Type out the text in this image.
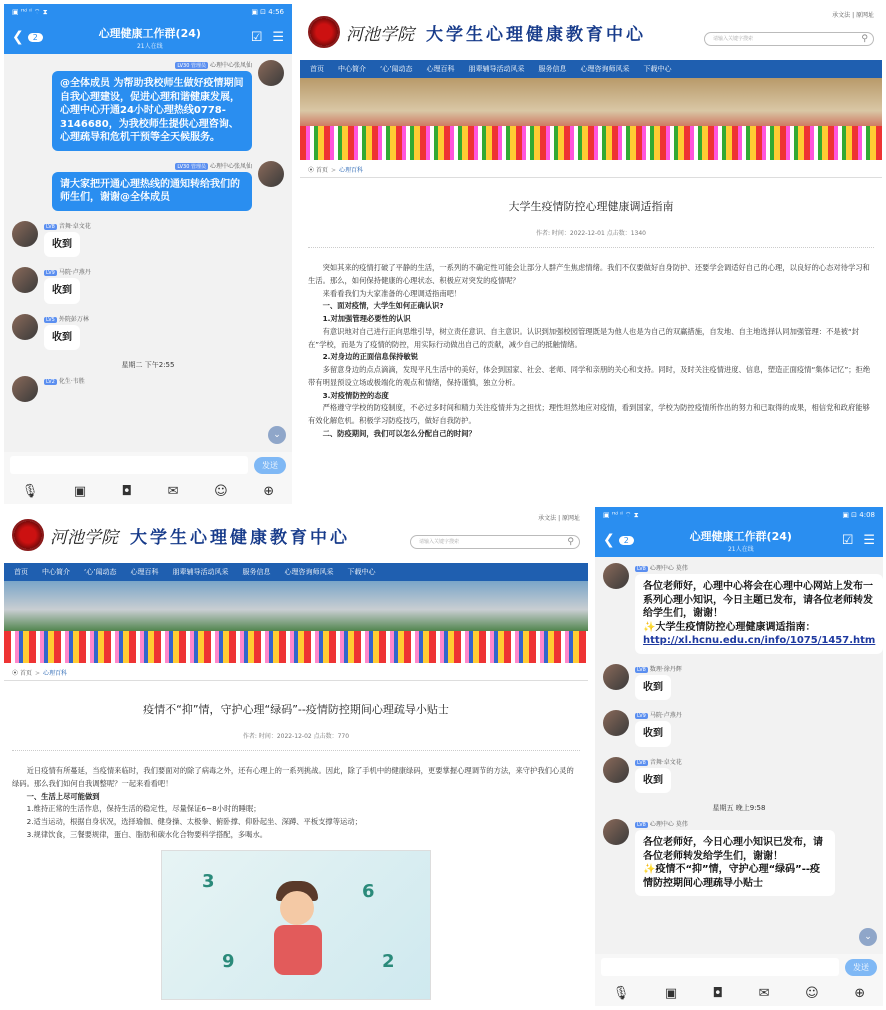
▣ ᴴᵈ ᴵˡ ⌔ ⧗	▣ ⊡ 4:56
❮	2	心理健康工作群(24)
21人在线
☑ ☰
LV30 管理员 心理中心张凤仙
@全体成员 为帮助我校师生做好疫情期间自我心理建设，促进心理和谐健康发展，心理中心开通24小时心理热线0778-3146680，为我校师生提供心理咨询、心理疏导和危机干预等全天候服务。
LV30 管理员 心理中心张凤仙
请大家把开通心理热线的通知转给我们的师生们，谢谢@全体成员
LV8 音舞·卓文花
收到
LV9 马院·卢燕丹
收到
LV5 外院彭万林
收到
星期二 下午2:55
LV2 化生·韦胜
⌄
发送
🎙	▣	◘	✉	☺	⊕
河池学院 大学生心理健康教育中心
承文法 | 原网址
请输入关键字搜索	⚲
首页 中心简介 ‘心’闻动态 心理百科 朋辈辅导活动风采 服务信息 心理咨询师风采 下载中心
⦿ 首页 > 心理百科
大学生疫情防控心理健康调适指南
作者: 时间：2022-12-01 点击数：1340
突如其来的疫情打破了平静的生活，一系列的不确定性可能会让部分人群产生焦虑情绪。我们不仅要做好自身防护、还要学会调适好自己的心理，以良好的心态对待学习和生活。那么，如何保持健康的心理状态、积极应对突发的疫情呢？
来看看我们为大家准备的心理调适指南吧！
一、面对疫情，大学生如何正确认识?
1.对加强管理必要性的认识
有意识地对自己进行正向思维引导，树立责任意识、自主意识。认识到加强校园管理既是为他人也是为自己的双赢措施，自发地、自主地选择认同加强管理：不是被“封在”学校，而是为了疫情的防控，用实际行动做出自己的贡献，减少自己的抵触情绪。
2.对身边的正面信息保持敏锐
多留意身边的点点滴滴，发现平凡生活中的美好，体会到国家、社会、老师、同学和亲朋的关心和支持。同时，及时关注疫情进度、信息，塑造正面疫情“集体记忆”；拒绝带有明显预设立场或极端化的观点和情绪，保持谨慎，独立分析。
3.对疫情防控的态度
严格遵守学校的防疫制度，不必过多时间和精力关注疫情并为之担忧；理性坦然地应对疫情，看到国家，学校为防控疫情所作出的努力和已取得的成果，相信党和政府能够有效化解危机。积极学习防疫技巧，做好自我防护。
二、防疫期间，我们可以怎么分配自己的时间？
河池学院 大学生心理健康教育中心
承文法 | 原网址
请输入关键字搜索	⚲
首页 中心简介 ‘心’闻动态 心理百科 朋辈辅导活动风采 服务信息 心理咨询师风采 下载中心
⦿ 首页 > 心理百科
疫情不“抑”情，守护心理“绿码”--疫情防控期间心理疏导小贴士
作者: 时间：2022-12-02 点击数：770
近日疫情有所蔓延，当疫情来临时，我们要面对的除了病毒之外，还有心理上的一系列挑战。因此，除了手机中的健康绿码，更要掌握心理调节的方法，来守护我们心灵的绿码。那么我们如何自我调整呢？一起来看看吧！
一、生活上尽可能做到
1.维持正常的生活作息，保持生活的稳定性，尽量保证6~8小时的睡眠；
2.适当运动，根据自身状况，选择瑜伽、健身操、太极拳、俯卧撑、仰卧起坐、深蹲、平板支撑等运动；
3.规律饮食，三餐要规律，蛋白、脂肪和碳水化合物要科学搭配，多喝水。
3	6
9	2
▣ ᴴᵈ ᴵˡ ⌔ ⧗	▣ ⊡ 4:08
❮	2	心理健康工作群(24)
21人在线
☑ ☰
LV8 心理中心 莫伟
各位老师好，心理中心将会在心理中心网站上发布一系列心理小知识，今日主题已发布，请各位老师转发给学生们，谢谢！
✨大学生疫情防控心理健康调适指南：http://xl.hcnu.edu.cn/info/1075/1457.htm
LV8 数理·徐丹辉
收到
LV9 马院·卢燕丹
收到
LV8 音舞·卓文花
收到
星期五 晚上9:58
LV8 心理中心 莫伟
各位老师好，今日心理小知识已发布，请各位老师转发给学生们，谢谢！
✨疫情不“抑”情，守护心理“绿码”--疫情防控期间心理疏导小贴士
⌄
发送
🎙	▣	◘	✉	☺	⊕
